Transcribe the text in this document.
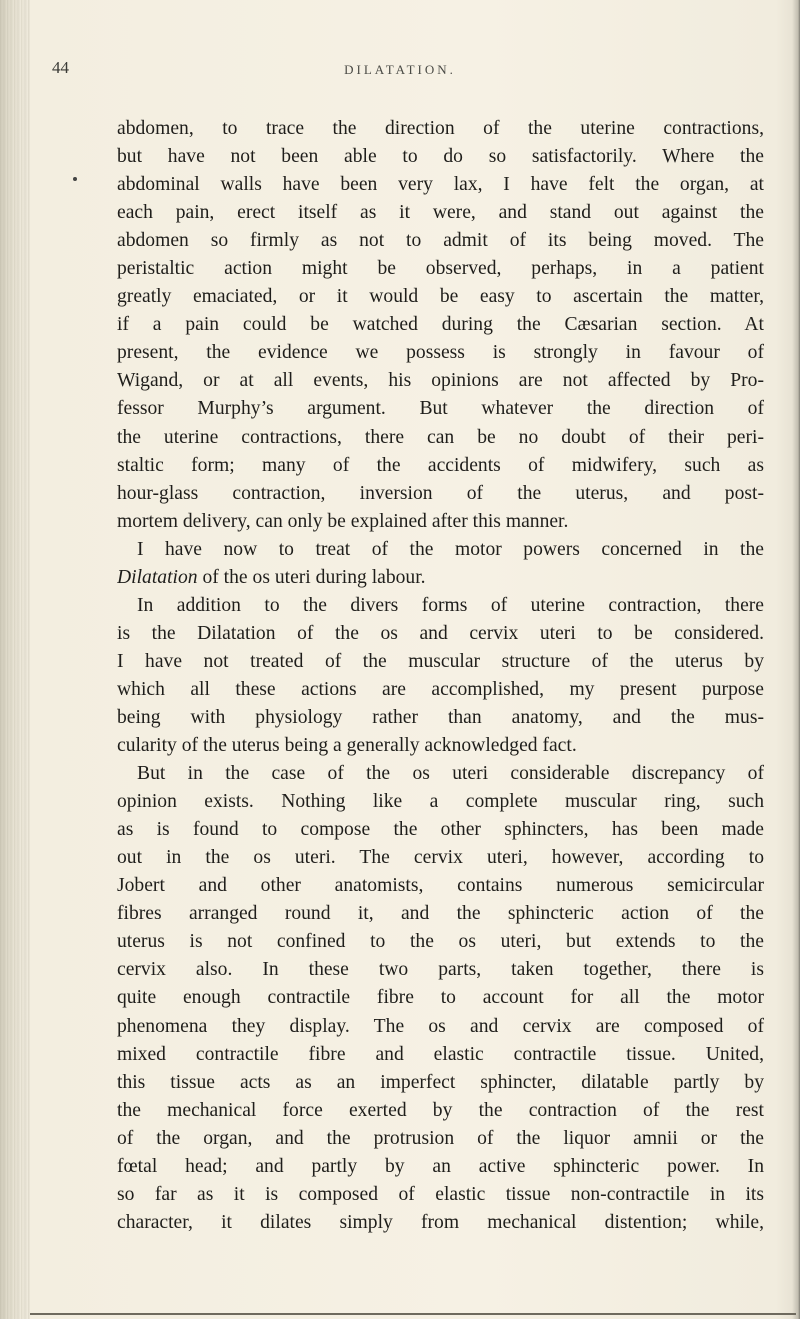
44	DILATATION.

abdomen, to trace the direction of the uterine contractions,
but have not been able to do so satisfactorily. Where the
abdominal walls have been very lax, I have felt the organ, at
each pain, erect itself as it were, and stand out against the
abdomen so firmly as not to admit of its being moved. The
peristaltic action might be observed, perhaps, in a patient
greatly emaciated, or it would be easy to ascertain the matter,
if a pain could be watched during the Cæsarian section. At
present, the evidence we possess is strongly in favour of
Wigand, or at all events, his opinions are not affected by Pro-
fessor Murphy’s argument. But whatever the direction of
the uterine contractions, there can be no doubt of their peri-
staltic form; many of the accidents of midwifery, such as
hour-glass contraction, inversion of the uterus, and post-
mortem delivery, can only be explained after this manner.
I have now to treat of the motor powers concerned in the
Dilatation of the os uteri during labour.
In addition to the divers forms of uterine contraction, there
is the Dilatation of the os and cervix uteri to be considered.
I have not treated of the muscular structure of the uterus by
which all these actions are accomplished, my present purpose
being with physiology rather than anatomy, and the mus-
cularity of the uterus being a generally acknowledged fact.
But in the case of the os uteri considerable discrepancy of
opinion exists. Nothing like a complete muscular ring, such
as is found to compose the other sphincters, has been made
out in the os uteri. The cervix uteri, however, according to
Jobert and other anatomists, contains numerous semicircular
fibres arranged round it, and the sphincteric action of the
uterus is not confined to the os uteri, but extends to the
cervix also. In these two parts, taken together, there is
quite enough contractile fibre to account for all the motor
phenomena they display. The os and cervix are composed of
mixed contractile fibre and elastic contractile tissue. United,
this tissue acts as an imperfect sphincter, dilatable partly by
the mechanical force exerted by the contraction of the rest
of the organ, and the protrusion of the liquor amnii or the
fœtal head; and partly by an active sphincteric power. In
so far as it is composed of elastic tissue non-contractile in its
character, it dilates simply from mechanical distention; while,
